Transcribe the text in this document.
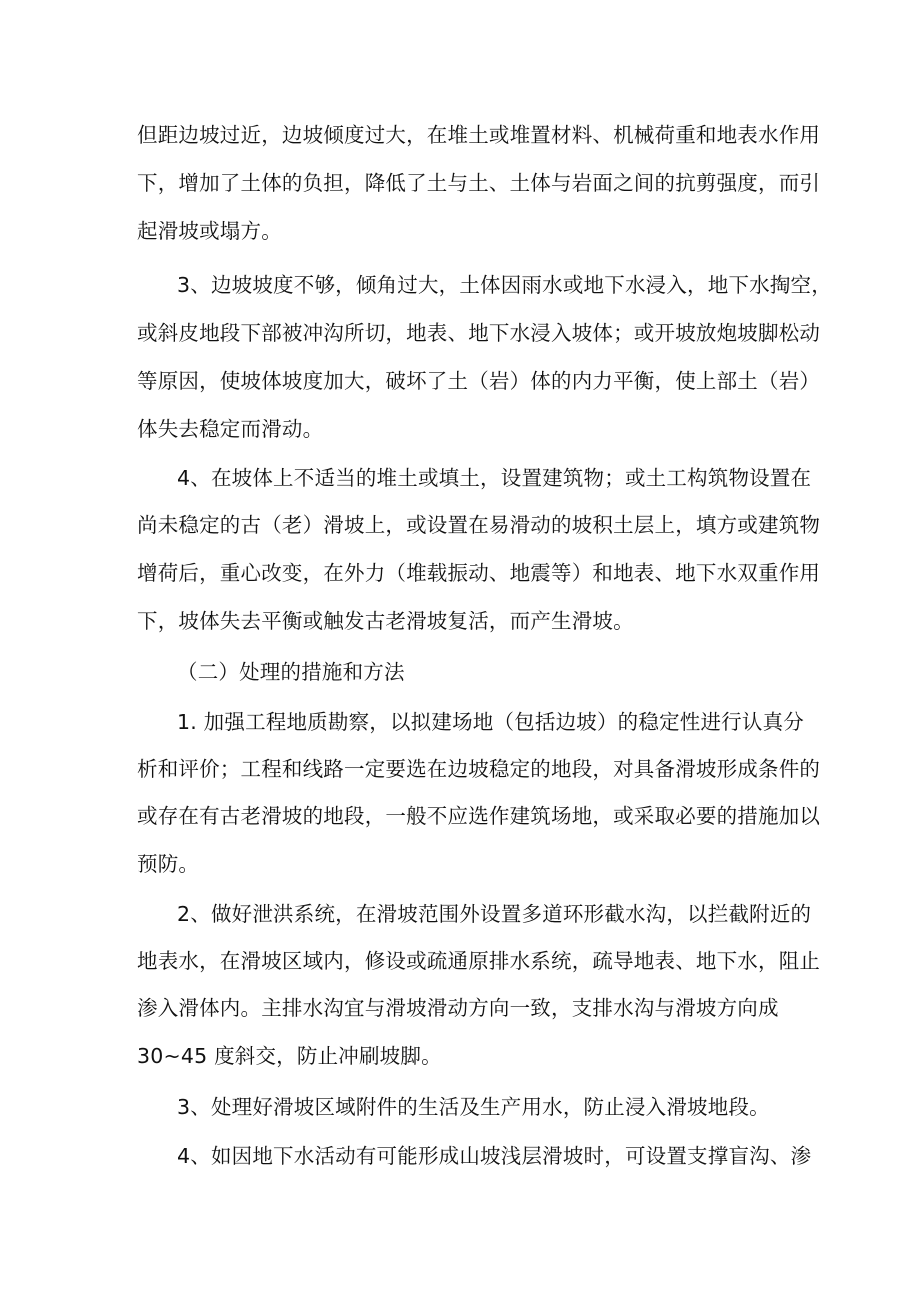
但距边坡过近，边坡倾度过大，在堆土或堆置材料、机械荷重和地表水作用
下，增加了土体的负担，降低了土与土、土体与岩面之间的抗剪强度，而引
起滑坡或塌方。
3、边坡坡度不够，倾角过大，土体因雨水或地下水浸入，地下水掏空，
或斜皮地段下部被冲沟所切，地表、地下水浸入坡体；或开坡放炮坡脚松动
等原因，使坡体坡度加大，破坏了土（岩）体的内力平衡，使上部土（岩）
体失去稳定而滑动。
4、在坡体上不适当的堆土或填土，设置建筑物；或土工构筑物设置在
尚未稳定的古（老）滑坡上，或设置在易滑动的坡积土层上，填方或建筑物
增荷后，重心改变，在外力（堆载振动、地震等）和地表、地下水双重作用
下，坡体失去平衡或触发古老滑坡复活，而产生滑坡。
（二）处理的措施和方法
1. 加强工程地质勘察，以拟建场地（包括边坡）的稳定性进行认真分
析和评价；工程和线路一定要选在边坡稳定的地段，对具备滑坡形成条件的
或存在有古老滑坡的地段，一般不应选作建筑场地，或采取必要的措施加以
预防。
2、做好泄洪系统，在滑坡范围外设置多道环形截水沟，以拦截附近的
地表水，在滑坡区域内，修设或疏通原排水系统，疏导地表、地下水，阻止
渗入滑体内。主排水沟宜与滑坡滑动方向一致，支排水沟与滑坡方向成
30~45 度斜交，防止冲刷坡脚。
3、处理好滑坡区域附件的生活及生产用水，防止浸入滑坡地段。
4、如因地下水活动有可能形成山坡浅层滑坡时，可设置支撑盲沟、渗
